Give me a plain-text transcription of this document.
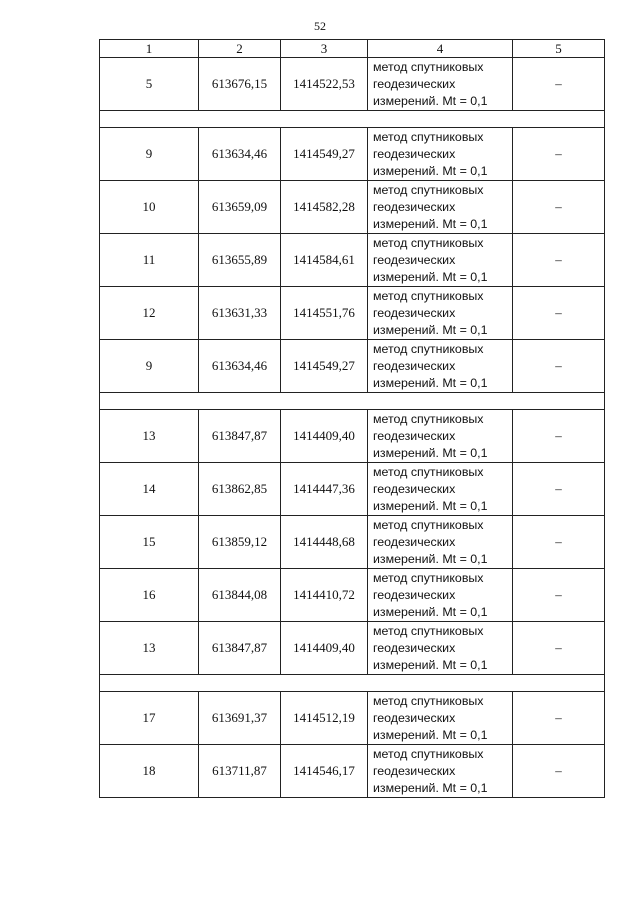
52
1	2	3	4	5
5	613676,15	1414522,53	метод спутниковых
геодезических
измерений. Mt = 0,1	–

9	613634,46	1414549,27	метод спутниковых
геодезических
измерений. Mt = 0,1	–
10	613659,09	1414582,28	метод спутниковых
геодезических
измерений. Mt = 0,1	–
11	613655,89	1414584,61	метод спутниковых
геодезических
измерений. Mt = 0,1	–
12	613631,33	1414551,76	метод спутниковых
геодезических
измерений. Mt = 0,1	–
9	613634,46	1414549,27	метод спутниковых
геодезических
измерений. Mt = 0,1	–

13	613847,87	1414409,40	метод спутниковых
геодезических
измерений. Mt = 0,1	–
14	613862,85	1414447,36	метод спутниковых
геодезических
измерений. Mt = 0,1	–
15	613859,12	1414448,68	метод спутниковых
геодезических
измерений. Mt = 0,1	–
16	613844,08	1414410,72	метод спутниковых
геодезических
измерений. Mt = 0,1	–
13	613847,87	1414409,40	метод спутниковых
геодезических
измерений. Mt = 0,1	–

17	613691,37	1414512,19	метод спутниковых
геодезических
измерений. Mt = 0,1	–
18	613711,87	1414546,17	метод спутниковых
геодезических
измерений. Mt = 0,1	–
